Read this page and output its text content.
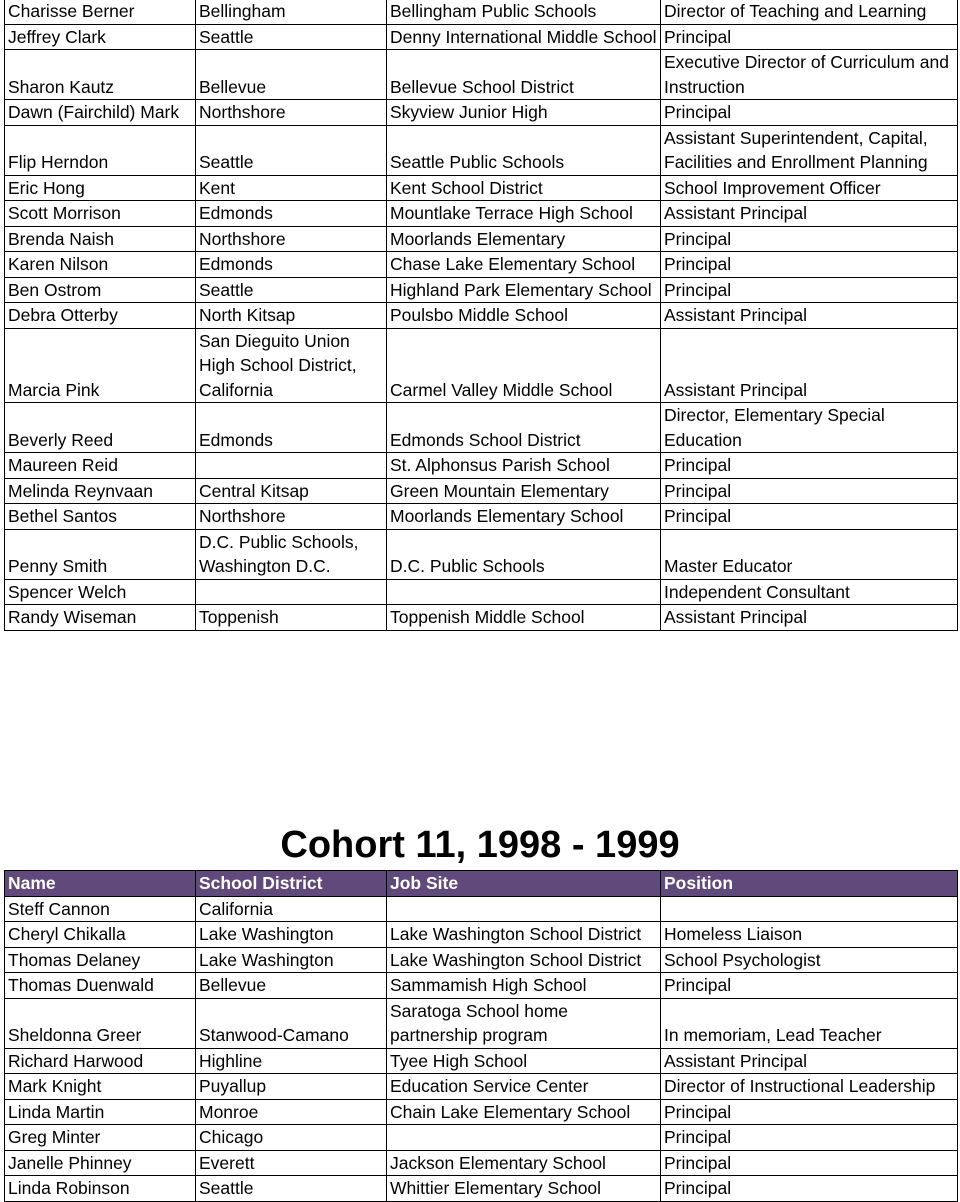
Charisse Berner	Bellingham	Bellingham Public Schools	Director of Teaching and Learning
Jeffrey Clark	Seattle	Denny International Middle School	Principal
Sharon Kautz	Bellevue	Bellevue School District	Executive Director of Curriculum and Instruction
Dawn (Fairchild) Mark	Northshore	Skyview Junior High	Principal
Flip Herndon	Seattle	Seattle Public Schools	Assistant Superintendent, Capital, Facilities and Enrollment Planning
Eric Hong	Kent	Kent School District	School Improvement Officer
Scott Morrison	Edmonds	Mountlake Terrace High School	Assistant Principal
Brenda Naish	Northshore	Moorlands Elementary	Principal
Karen Nilson	Edmonds	Chase Lake Elementary School	Principal
Ben Ostrom	Seattle	Highland Park Elementary School	Principal
Debra Otterby	North Kitsap	Poulsbo Middle School	Assistant Principal
Marcia Pink	San Dieguito Union High School District, California	Carmel Valley Middle School	Assistant Principal
Beverly Reed	Edmonds	Edmonds School District	Director, Elementary Special Education
Maureen Reid		St. Alphonsus Parish School	Principal
Melinda Reynvaan	Central Kitsap	Green Mountain Elementary	Principal
Bethel Santos	Northshore	Moorlands Elementary School	Principal
Penny Smith	D.C. Public Schools, Washington D.C.	D.C. Public Schools	Master Educator
Spencer Welch			Independent Consultant
Randy Wiseman	Toppenish	Toppenish Middle School	Assistant Principal
Cohort 11, 1998 - 1999
Name	School District	Job Site	Position
Steff Cannon	California		
Cheryl Chikalla	Lake Washington	Lake Washington School District	Homeless Liaison
Thomas Delaney	Lake Washington	Lake Washington School District	School Psychologist
Thomas Duenwald	Bellevue	Sammamish High School	Principal
Sheldonna Greer	Stanwood-Camano	Saratoga School home partnership program	In memoriam, Lead Teacher
Richard Harwood	Highline	Tyee High School	Assistant Principal
Mark Knight	Puyallup	Education Service Center	Director of Instructional Leadership
Linda Martin	Monroe	Chain Lake Elementary School	Principal
Greg Minter	Chicago		Principal
Janelle Phinney	Everett	Jackson Elementary School	Principal
Linda Robinson	Seattle	Whittier Elementary School	Principal
